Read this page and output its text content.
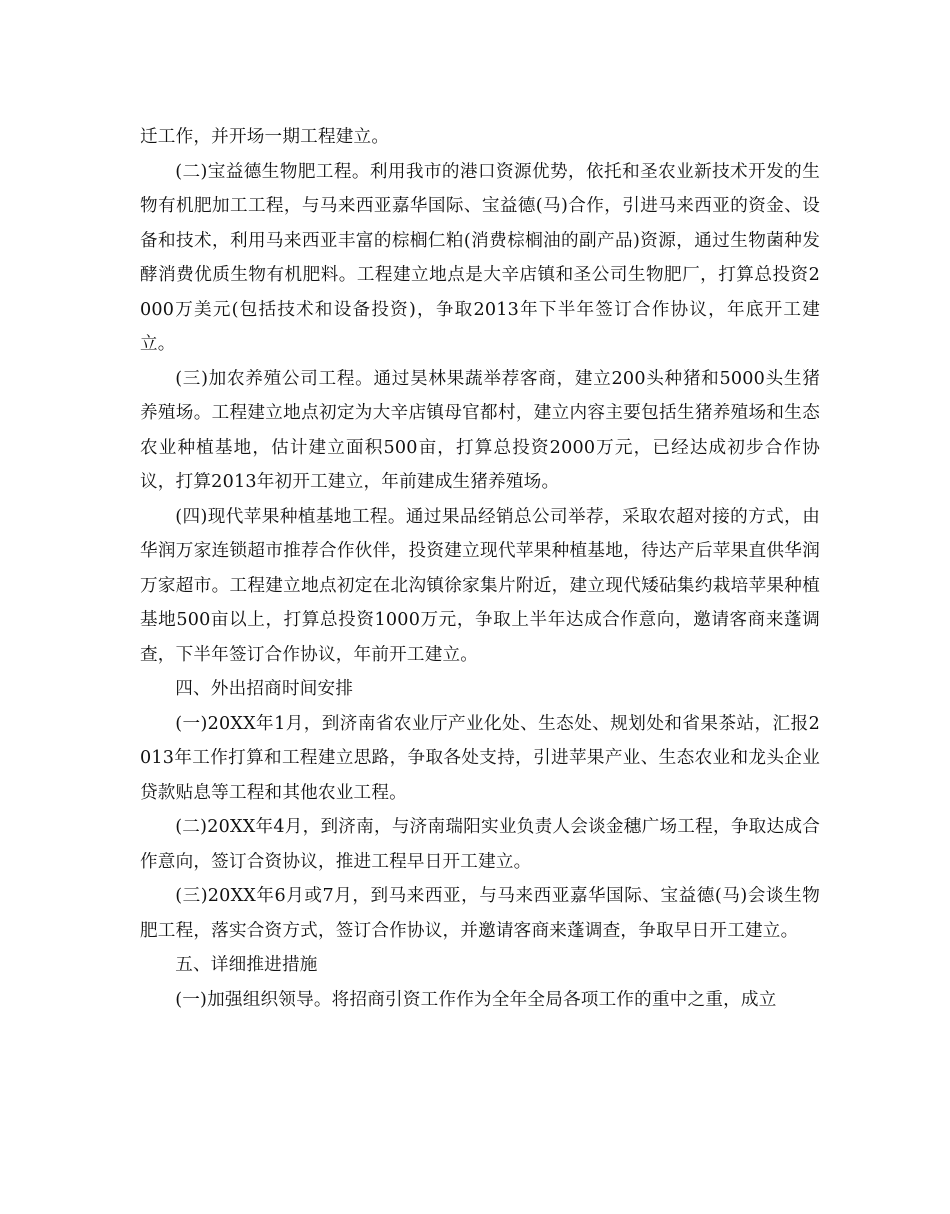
迁工作，并开场一期工程建立。

(二)宝益德生物肥工程。利用我市的港口资源优势，依托和圣农业新技术开发的生物有机肥加工工程，与马来西亚嘉华国际、宝益德(马)合作，引进马来西亚的资金、设备和技术，利用马来西亚丰富的棕榈仁粕(消费棕榈油的副产品)资源，通过生物菌种发酵消费优质生物有机肥料。工程建立地点是大辛店镇和圣公司生物肥厂，打算总投资2000万美元(包括技术和设备投资)，争取2013年下半年签订合作协议，年底开工建立。

(三)加农养殖公司工程。通过昊林果蔬举荐客商，建立200头种猪和5000头生猪养殖场。工程建立地点初定为大辛店镇母官都村，建立内容主要包括生猪养殖场和生态农业种植基地，估计建立面积500亩，打算总投资2000万元，已经达成初步合作协议，打算2013年初开工建立，年前建成生猪养殖场。

(四)现代苹果种植基地工程。通过果品经销总公司举荐，采取农超对接的方式，由华润万家连锁超市推荐合作伙伴，投资建立现代苹果种植基地，待达产后苹果直供华润万家超市。工程建立地点初定在北沟镇徐家集片附近，建立现代矮砧集约栽培苹果种植基地500亩以上，打算总投资1000万元，争取上半年达成合作意向，邀请客商来蓬调查，下半年签订合作协议，年前开工建立。

四、外出招商时间安排

(一)20XX年1月，到济南省农业厅产业化处、生态处、规划处和省果茶站，汇报2013年工作打算和工程建立思路，争取各处支持，引进苹果产业、生态农业和龙头企业贷款贴息等工程和其他农业工程。

(二)20XX年4月，到济南，与济南瑞阳实业负责人会谈金穗广场工程，争取达成合作意向，签订合资协议，推进工程早日开工建立。

(三)20XX年6月或7月，到马来西亚，与马来西亚嘉华国际、宝益德(马)会谈生物肥工程，落实合资方式，签订合作协议，并邀请客商来蓬调查，争取早日开工建立。

五、详细推进措施

(一)加强组织领导。将招商引资工作作为全年全局各项工作的重中之重，成立
